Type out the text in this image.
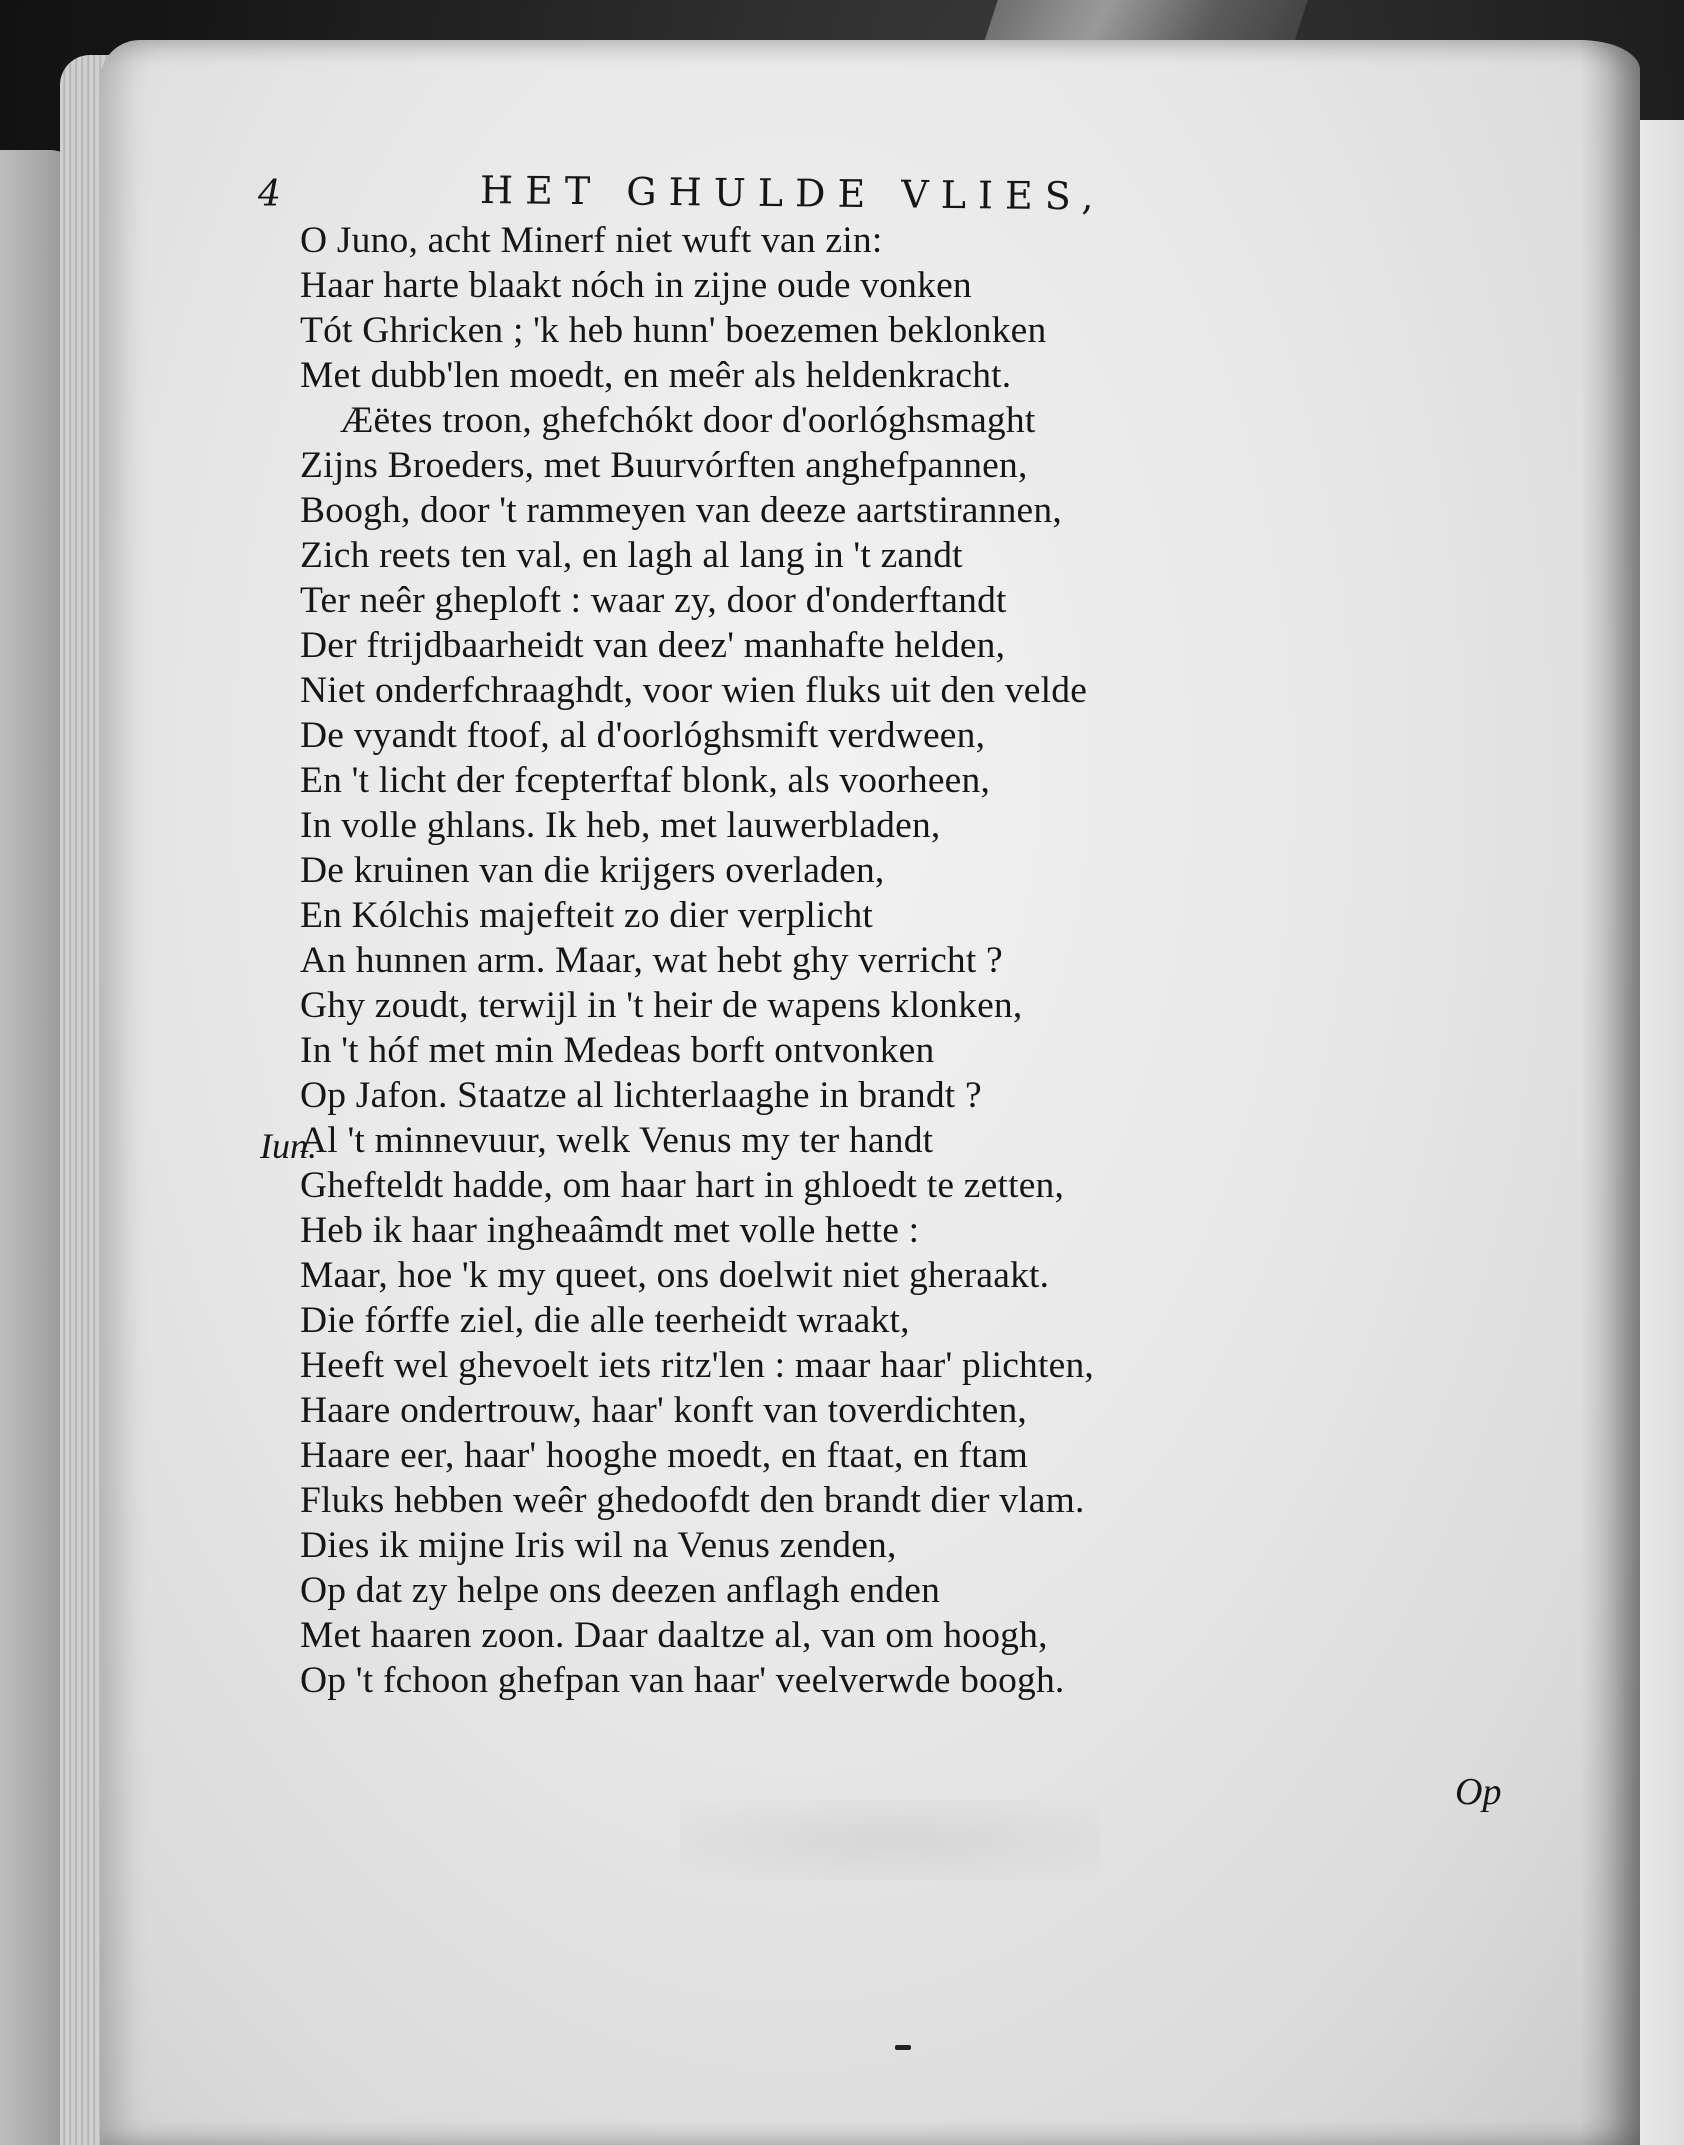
4	HET GHULDE VLIES,
Iun.
O Juno, acht Minerf niet wuft van zin:
Haar harte blaakt nóch in zijne oude vonken
Tót Ghricken ; 'k heb hunn' boezemen beklonken
Met dubb'len moedt, en meêr als heldenkracht.
Æëtes troon, ghefchókt door d'oorlóghsmaght
Zijns Broeders, met Buurvórften anghefpannen,
Boogh, door 't rammeyen van deeze aartstirannen,
Zich reets ten val, en lagh al lang in 't zandt
Ter neêr gheploft : waar zy, door d'onderftandt
Der ftrijdbaarheidt van deez' manhafte helden,
Niet onderfchraaghdt, voor wien fluks uit den velde
De vyandt ftoof, al d'oorlóghsmift verdween,
En 't licht der fcepterftaf blonk, als voorheen,
In volle ghlans. Ik heb, met lauwerbladen,
De kruinen van die krijgers overladen,
En Kólchis majefteit zo dier verplicht
An hunnen arm. Maar, wat hebt ghy verricht ?
Ghy zoudt, terwijl in 't heir de wapens klonken,
In 't hóf met min Medeas borft ontvonken
Op Jafon. Staatze al lichterlaaghe in brandt ?
Al 't minnevuur, welk Venus my ter handt
Ghefteldt hadde, om haar hart in ghloedt te zetten,
Heb ik haar ingheaâmdt met volle hette :
Maar, hoe 'k my queet, ons doelwit niet gheraakt.
Die fórffe ziel, die alle teerheidt wraakt,
Heeft wel ghevoelt iets ritz'len : maar haar' plichten,
Haare ondertrouw, haar' konft van toverdichten,
Haare eer, haar' hooghe moedt, en ftaat, en ftam
Fluks hebben weêr ghedoofdt den brandt dier vlam.
Dies ik mijne Iris wil na Venus zenden,
Op dat zy helpe ons deezen anflagh enden
Met haaren zoon. Daar daaltze al, van om hoogh,
Op 't fchoon ghefpan van haar' veelverwde boogh.
Op
